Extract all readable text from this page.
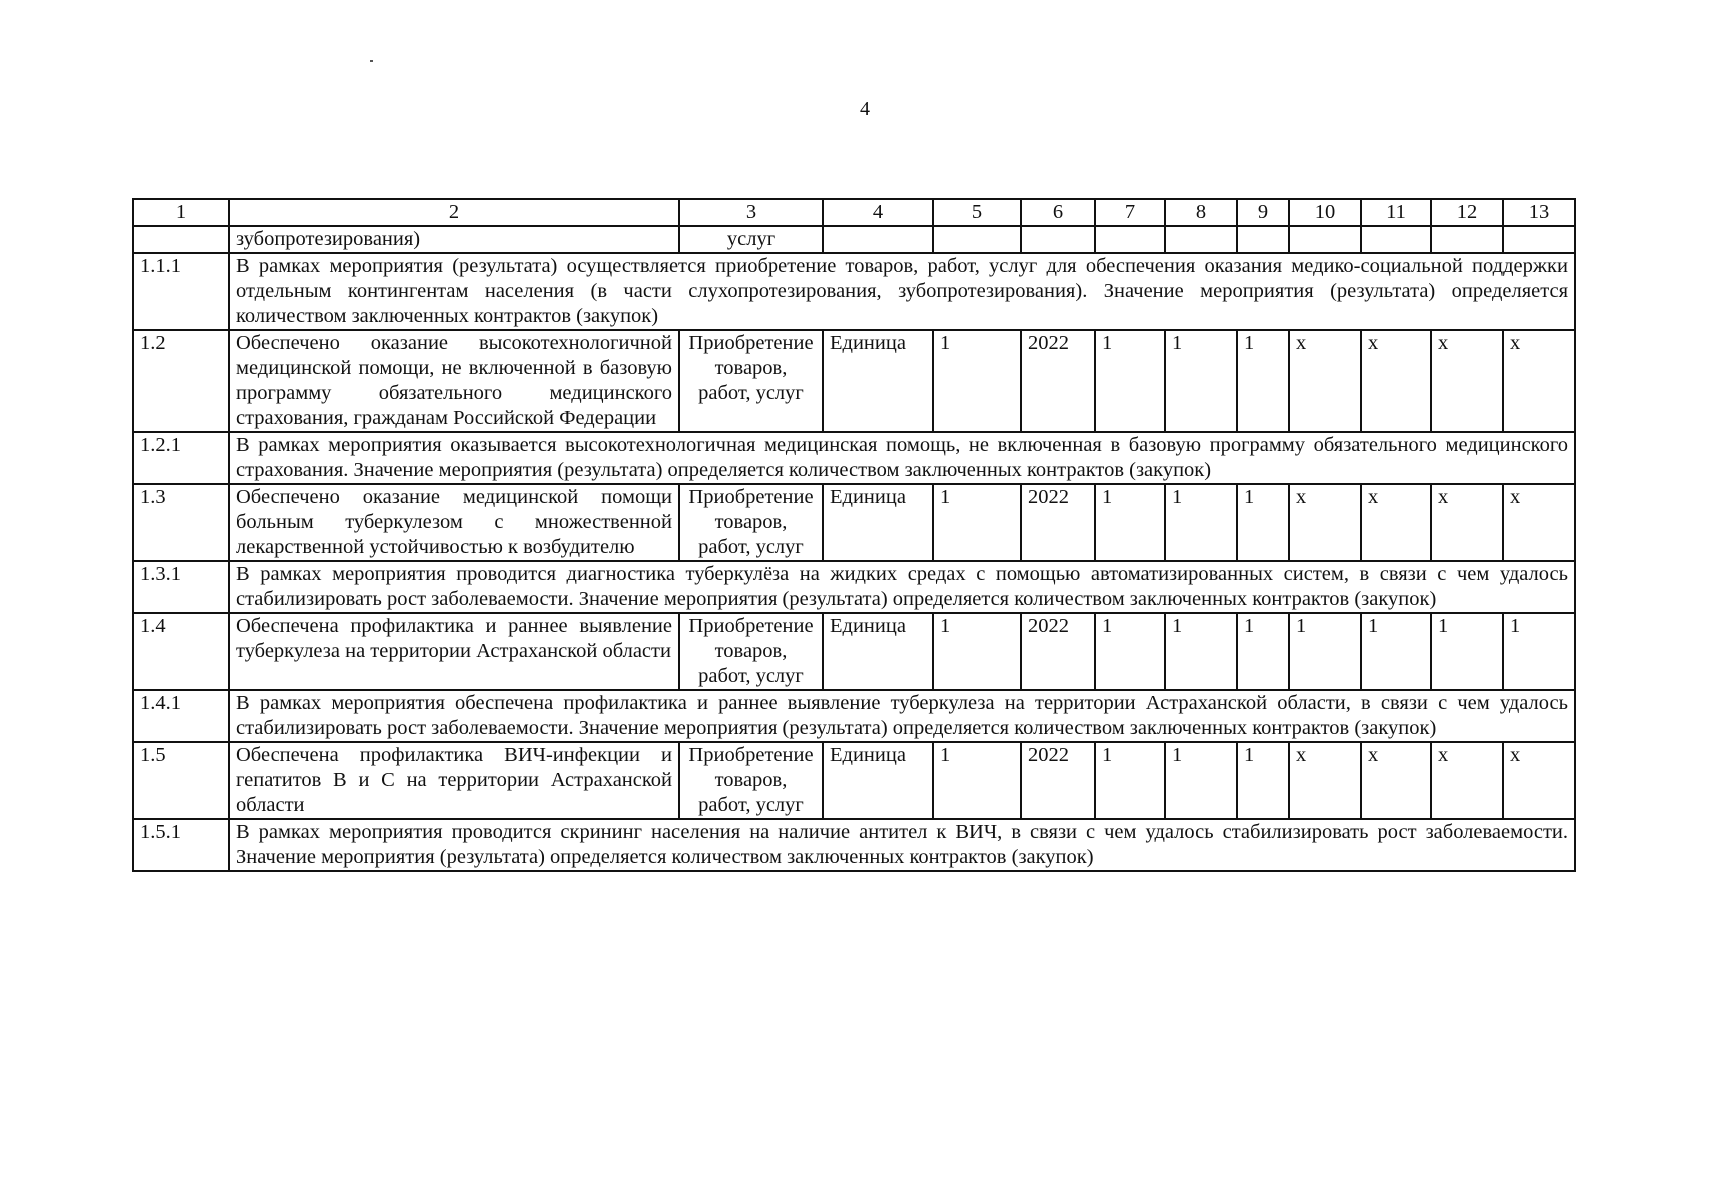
4
1	2	3	4	5	6	7	8	9	10	11	12	13
	зубопротезирования)	услуг										
1.1.1	В рамках мероприятия (результата) осуществляется приобретение товаров, работ, услуг для обеспечения оказания медико-социальной поддержки отдельным контингентам населения (в части слухопротезирования, зубопротезирования). Значение мероприятия (результата) определяется количеством заключенных контрактов (закупок)											
1.2	Обеспечено оказание высокотехнологичной медицинской помощи, не включенной в базовую программу обязательного медицинского страхования, гражданам Российской Федерации	Приобретение товаров, работ, услуг	Единица	1	2022	1	1	1	x	x	x	x
1.2.1	В рамках мероприятия оказывается высокотехнологичная медицинская помощь, не включенная в базовую программу обязательного медицинского страхования. Значение мероприятия (результата) определяется количеством заключенных контрактов (закупок)											
1.3	Обеспечено оказание медицинской помощи больным туберкулезом с множественной лекарственной устойчивостью к возбудителю	Приобретение товаров, работ, услуг	Единица	1	2022	1	1	1	x	x	x	x
1.3.1	В рамках мероприятия проводится диагностика туберкулёза на жидких средах с помощью автоматизированных систем, в связи с чем удалось стабилизировать рост заболеваемости. Значение мероприятия (результата) определяется количеством заключенных контрактов (закупок)											
1.4	Обеспечена профилактика и раннее выявление туберкулеза на территории Астраханской области	Приобретение товаров, работ, услуг	Единица	1	2022	1	1	1	1	1	1	1
1.4.1	В рамках мероприятия обеспечена профилактика и раннее выявление туберкулеза на территории Астраханской области, в связи с чем удалось стабилизировать рост заболеваемости. Значение мероприятия (результата) определяется количеством заключенных контрактов (закупок)											
1.5	Обеспечена профилактика ВИЧ-инфекции и гепатитов В и С на территории Астраханской области	Приобретение товаров, работ, услуг	Единица	1	2022	1	1	1	x	x	x	x
1.5.1	В рамках мероприятия проводится скрининг населения на наличие антител к ВИЧ, в связи с чем удалось стабилизировать рост заболеваемости. Значение мероприятия (результата) определяется количеством заключенных контрактов (закупок)											
